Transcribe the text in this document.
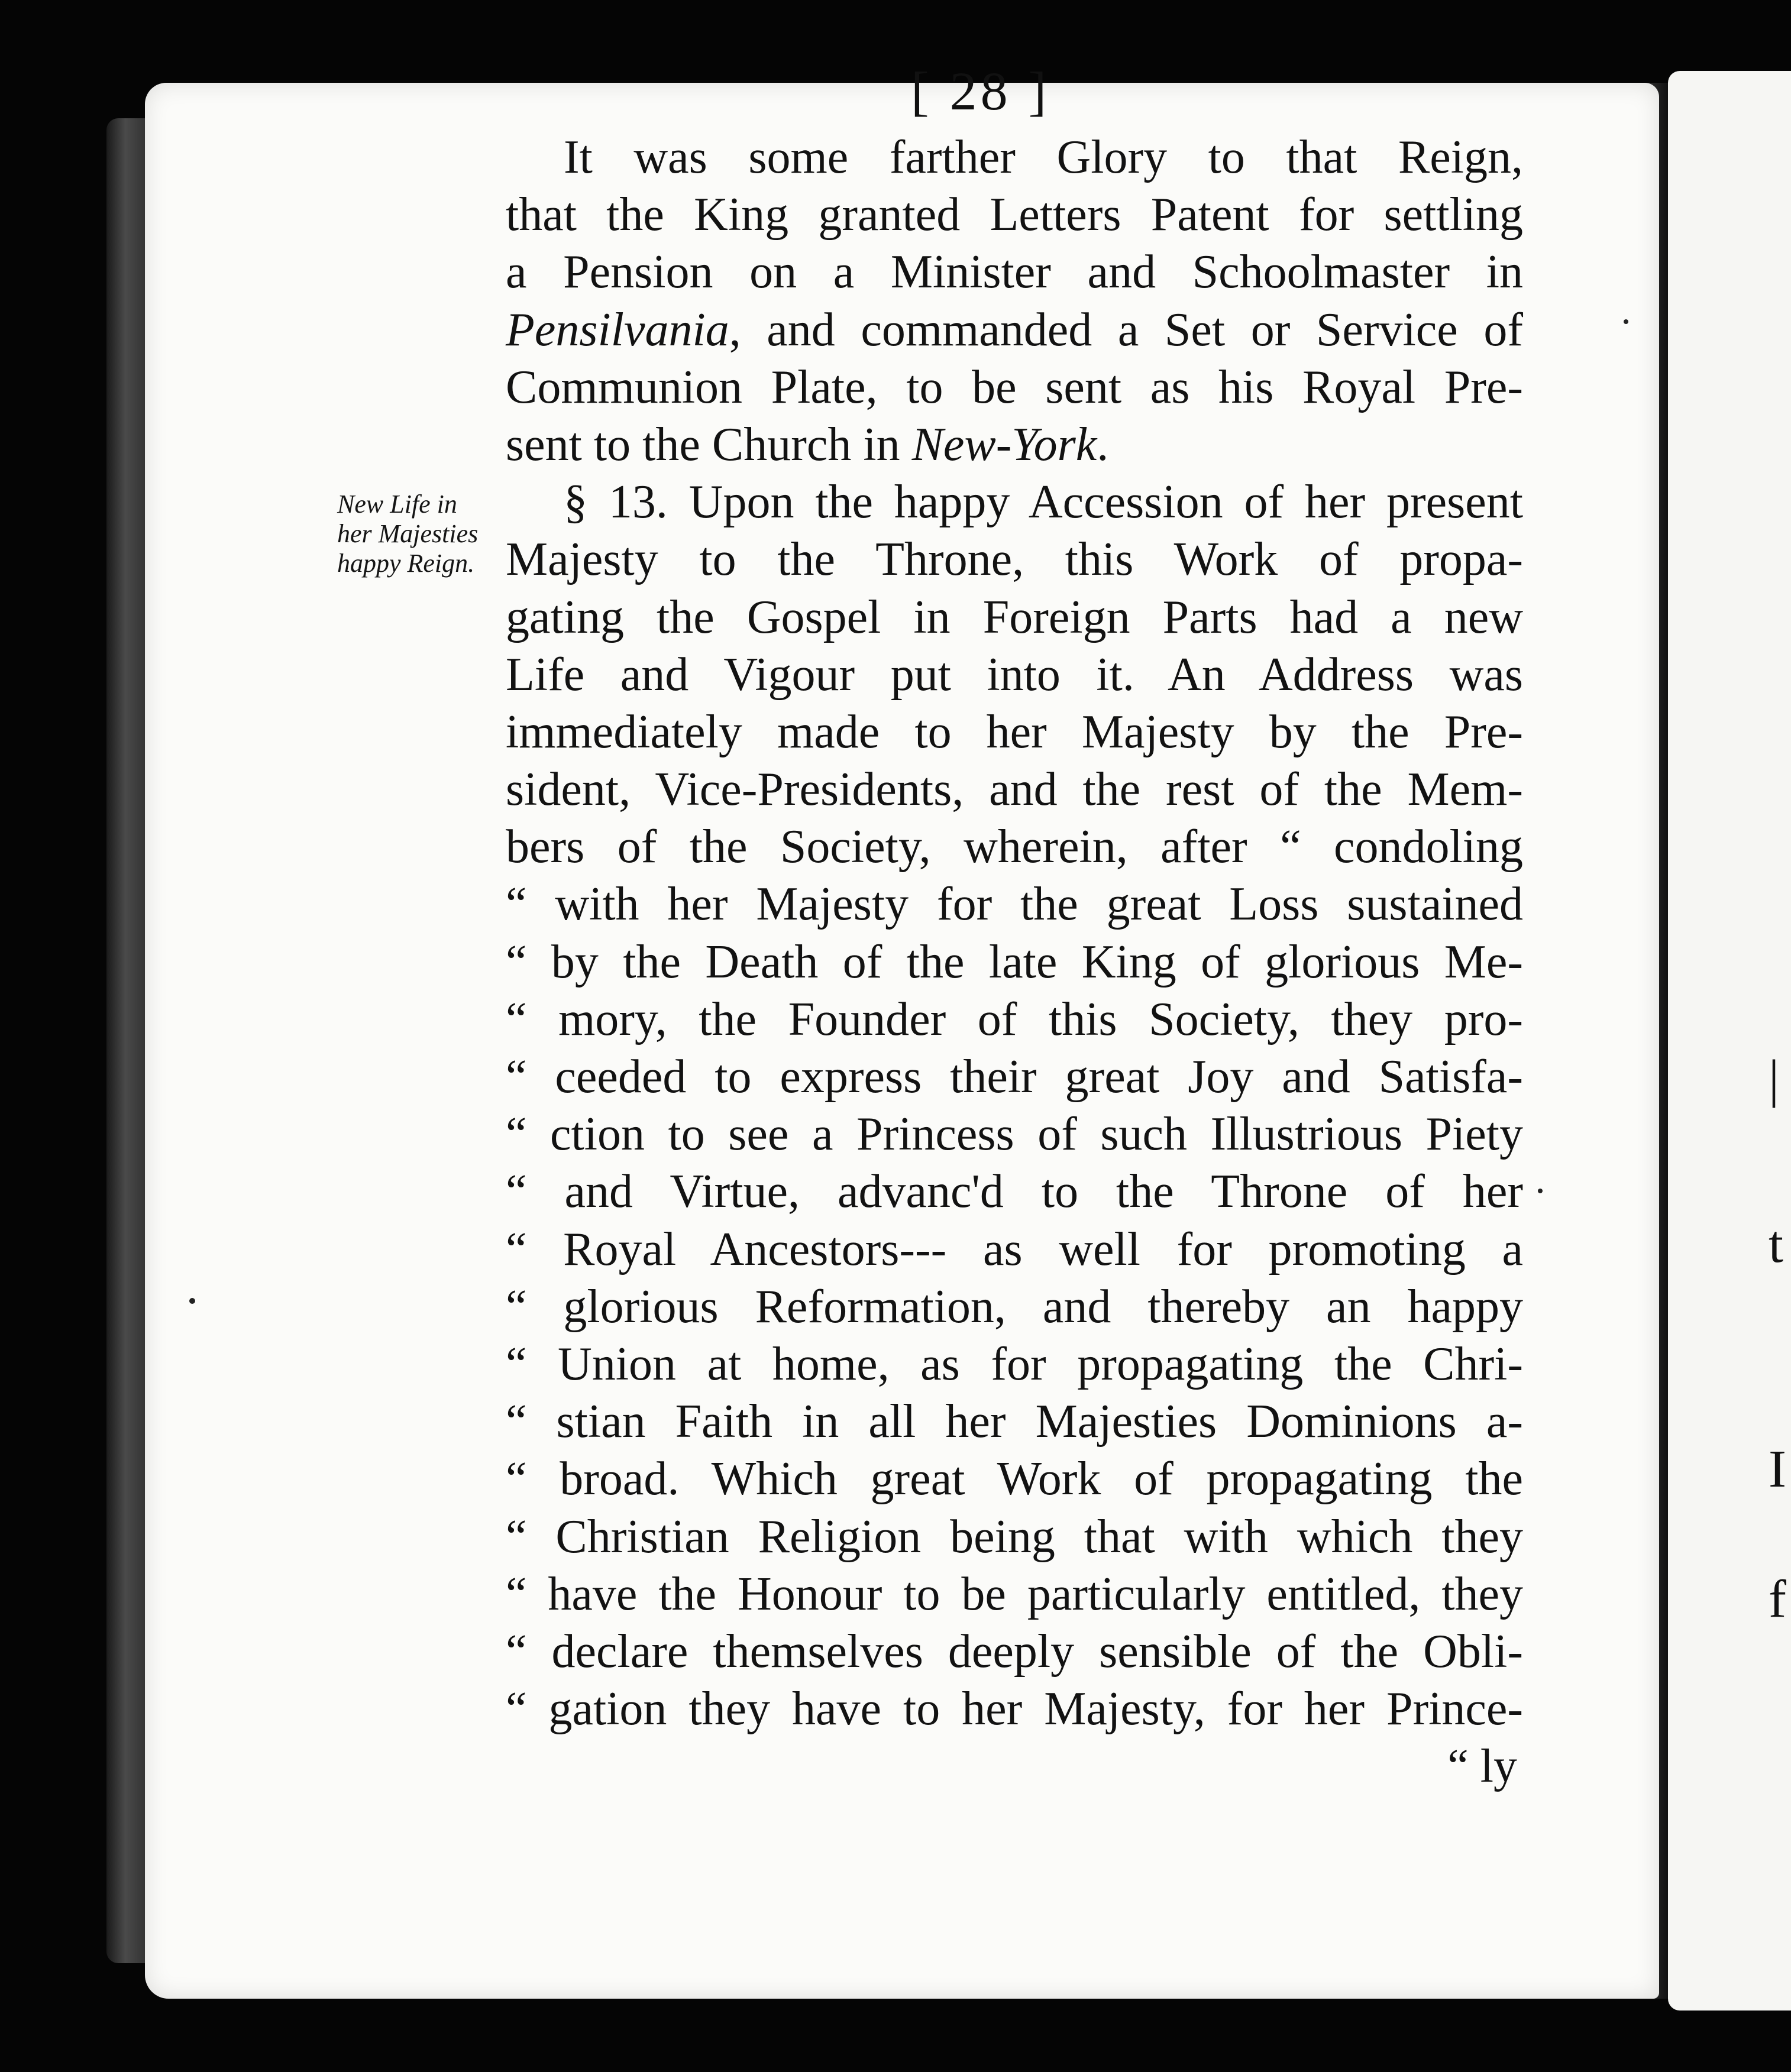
|
t
I
f
[ 28 ]
New Life in
her Majesties
happy Reign.
It was some farther Glory to that Reign,
that the King granted Letters Patent for settling
a Pension on a Minister and Schoolmaster in
Pensilvania, and commanded a Set or Service of
Communion Plate, to be sent as his Royal Pre-
sent to the Church in New-York.
§ 13. Upon the happy Accession of her present
Majesty to the Throne, this Work of propa-
gating the Gospel in Foreign Parts had a new
Life and Vigour put into it. An Address was
immediately made to her Majesty by the Pre-
sident, Vice-Presidents, and the rest of the Mem-
bers of the Society, wherein, after “ condoling
“ with her Majesty for the great Loss sustained
“ by the Death of the late King of glorious Me-
“ mory, the Founder of this Society, they pro-
“ ceeded to express their great Joy and Satisfa-
“ ction to see a Princess of such Illustrious Piety
“ and Virtue, advanc'd to the Throne of her
“ Royal Ancestors--- as well for promoting a
“ glorious Reformation, and thereby an happy
“ Union at home, as for propagating the Chri-
“ stian Faith in all her Majesties Dominions a-
“ broad. Which great Work of propagating the
“ Christian Religion being that with which they
“ have the Honour to be particularly entitled, they
“ declare themselves deeply sensible of the Obli-
“ gation they have to her Majesty, for her Prince-
“ ly
